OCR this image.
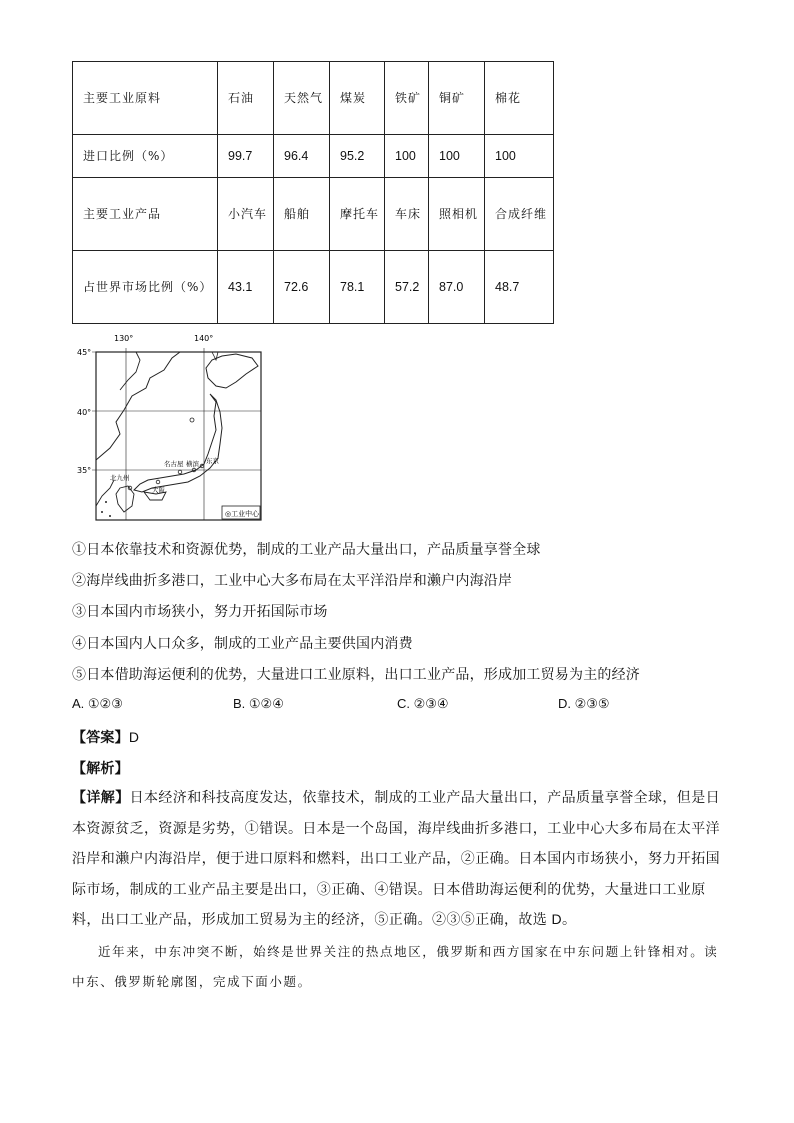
主要工业原料	石油	天然气	煤炭	铁矿	铜矿	棉花
进口比例（%）	99.7	96.4	95.2	100	100	100
主要工业产品	小汽车	船舶	摩托车	车床	照相机	合成纤维
占世界市场比例（%）	43.1	72.6	78.1	57.2	87.0	48.7
130°	140°
45°
40°
35°
名古屋 横滨 东京
北九州
大阪
◎工业中心
①日本依靠技术和资源优势，制成的工业产品大量出口，产品质量享誉全球
②海岸线曲折多港口，工业中心大多布局在太平洋沿岸和濑户内海沿岸
③日本国内市场狭小，努力开拓国际市场
④日本国内人口众多，制成的工业产品主要供国内消费
⑤日本借助海运便利的优势，大量进口工业原料，出口工业产品，形成加工贸易为主的经济
A. ①②③	B. ①②④	C. ②③④	D. ②③⑤
【答案】D
【解析】
【详解】日本经济和科技高度发达，依靠技术，制成的工业产品大量出口，产品质量享誉全球，但是日本资源贫乏，资源是劣势，①错误。日本是一个岛国，海岸线曲折多港口，工业中心大多布局在太平洋沿岸和濑户内海沿岸，便于进口原料和燃料，出口工业产品，②正确。日本国内市场狭小，努力开拓国际市场，制成的工业产品主要是出口，③正确、④错误。日本借助海运便利的优势，大量进口工业原料，出口工业产品，形成加工贸易为主的经济，⑤正确。②③⑤正确，故选 D。
近年来，中东冲突不断，始终是世界关注的热点地区，俄罗斯和西方国家在中东问题上针锋相对。读中东、俄罗斯轮廓图，完成下面小题。
